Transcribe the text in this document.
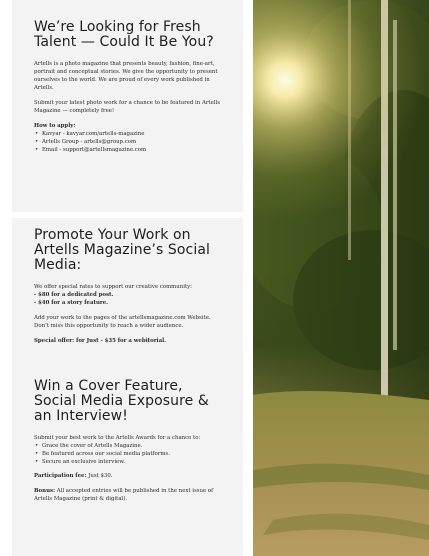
We’re Looking for Fresh Talent — Could It Be You?

Artells is a photo magazine that presents beauty, fashion, fine-art, portrait and conceptual stories. We give the opportunity to present ourselves to the world. We are proud of every work published in Artells.

Submit your latest photo work for a chance to be featured in Artells Magazine — completely free!

How to apply:

• Kavyar - kavyar.com/artells-magazine
• Artells Group - artells@group.com
• Email - support@artellsmagazine.com
Promote Your Work on Artells Magazine’s Social Media:

We offer special rates to support our creative community:
- $80 for a dedicated post.
- $40 for a story feature.

Add your work to the pages of the artellsmagazine.com Website. Don’t miss this opportunity to reach a wider audience.

Special offer: for Just - $35 for a webitorial.

Win a Cover Feature, Social Media Exposure & an Interview!

Submit your best work to the Artells Awards for a chance to:

• Grace the cover of Artells Magazine.
• Be featured across our social media platforms.
• Secure an exclusive interview.

Participation fee: Just $30.

Bonus: All accepted entries will be published in the next issue of Artells Magazine (print & digital).
